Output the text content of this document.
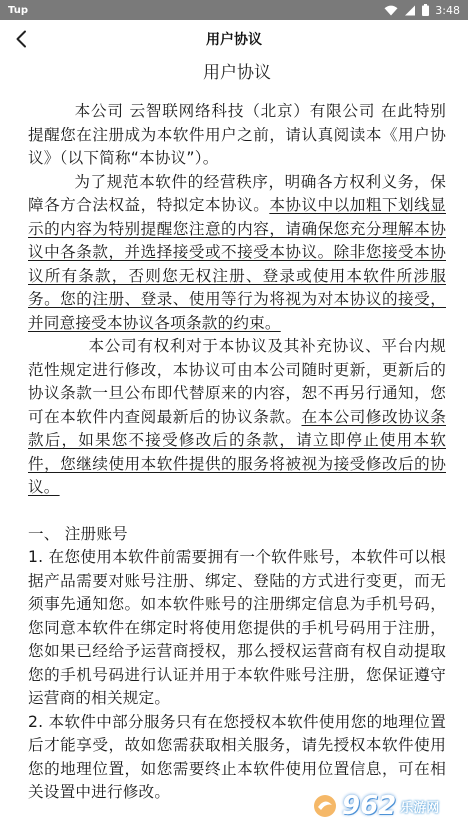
Tup	3:48
用户协议
用户协议

本公司 云智联网络科技（北京）有限公司 在此特别提醒您在注册成为本软件用户之前，请认真阅读本《用户协议》（以下简称“本协议”）。

为了规范本软件的经营秩序，明确各方权利义务，保障各方合法权益，特拟定本协议。本协议中以加粗下划线显示的内容为特别提醒您注意的内容，请确保您充分理解本协议中各条款，并选择接受或不接受本协议。除非您接受本协议所有条款，否则您无权注册、登录或使用本软件所涉服务。您的注册、登录、使用等行为将视为对本协议的接受，并同意接受本协议各项条款的约束。

本公司有权利对于本协议及其补充协议、平台内规范性规定进行修改，本协议可由本公司随时更新，更新后的协议条款一旦公布即代替原来的内容，恕不再另行通知，您可在本软件内查阅最新后的协议条款。在本公司修改协议条款后，如果您不接受修改后的条款，请立即停止使用本软件，您继续使用本软件提供的服务将被视为接受修改后的协议。

一、 注册账号

1. 在您使用本软件前需要拥有一个软件账号，本软件可以根据产品需要对账号注册、绑定、登陆的方式进行变更，而无须事先通知您。如本软件账号的注册绑定信息为手机号码，您同意本软件在绑定时将使用您提供的手机号码用于注册，您如果已经给予运营商授权，那么授权运营商有权自动提取您的手机号码进行认证并用于本软件账号注册，您保证遵守运营商的相关规定。

2. 本软件中部分服务只有在您授权本软件使用您的地理位置后才能享受，故如您需获取相关服务，请先授权本软件使用您的地理位置，如您需要终止本软件使用位置信息，可在相关设置中进行修改。	962 乐游网
